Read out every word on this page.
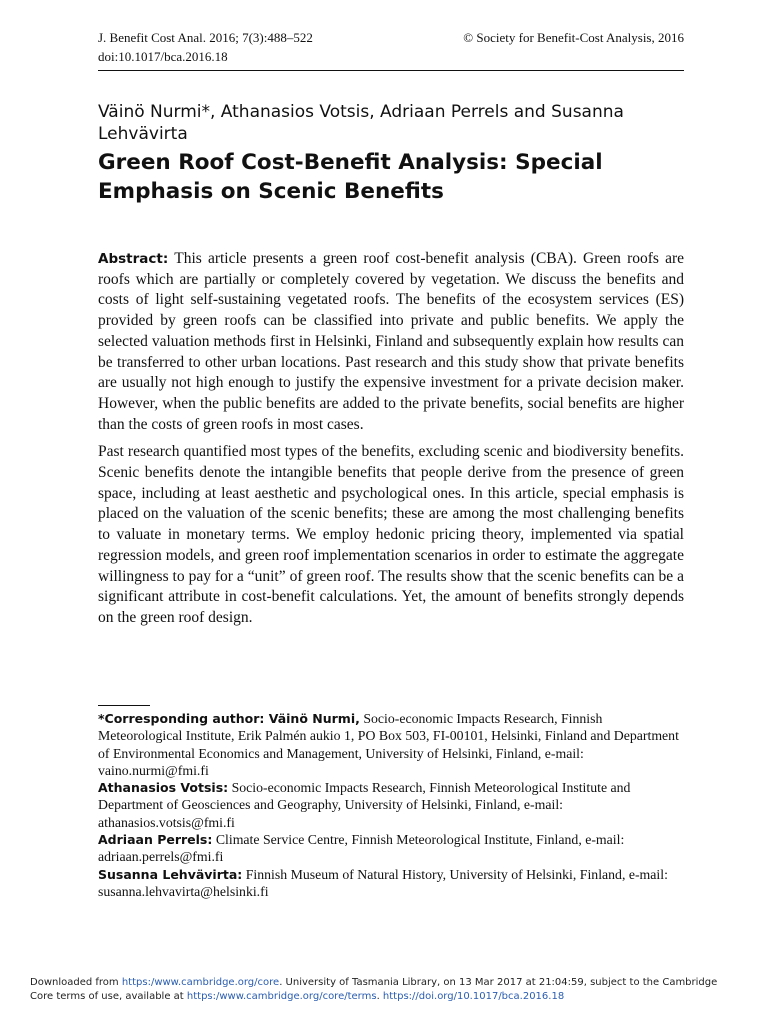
J. Benefit Cost Anal. 2016; 7(3):488–522	© Society for Benefit-Cost Analysis, 2016
doi:10.1017/bca.2016.18
Väinö Nurmi*, Athanasios Votsis, Adriaan Perrels and Susanna Lehvävirta
Green Roof Cost-Benefit Analysis: Special Emphasis on Scenic Benefits

Abstract: This article presents a green roof cost-benefit analysis (CBA). Green roofs are roofs which are partially or completely covered by vegetation. We discuss the benefits and costs of light self-sustaining vegetated roofs. The benefits of the ecosystem services (ES) provided by green roofs can be classified into private and public benefits. We apply the selected valuation methods first in Helsinki, Finland and subsequently explain how results can be transferred to other urban locations. Past research and this study show that private benefits are usually not high enough to justify the expensive investment for a private decision maker. However, when the public benefits are added to the private benefits, social benefits are higher than the costs of green roofs in most cases.

Past research quantified most types of the benefits, excluding scenic and biodiversity benefits. Scenic benefits denote the intangible benefits that people derive from the presence of green space, including at least aesthetic and psychological ones. In this article, special emphasis is placed on the valuation of the scenic benefits; these are among the most challenging benefits to valuate in monetary terms. We employ hedonic pricing theory, implemented via spatial regression models, and green roof implementation scenarios in order to estimate the aggregate willingness to pay for a “unit” of green roof. The results show that the scenic benefits can be a significant attribute in cost-benefit calculations. Yet, the amount of benefits strongly depends on the green roof design.

*Corresponding author: Väinö Nurmi, Socio-economic Impacts Research, Finnish Meteorological Institute, Erik Palmén aukio 1, PO Box 503, FI-00101, Helsinki, Finland and Department of Environmental Economics and Management, University of Helsinki, Finland, e-mail: vaino.nurmi@fmi.fi

Athanasios Votsis: Socio-economic Impacts Research, Finnish Meteorological Institute and Department of Geosciences and Geography, University of Helsinki, Finland, e-mail: athanasios.votsis@fmi.fi

Adriaan Perrels: Climate Service Centre, Finnish Meteorological Institute, Finland, e-mail: adriaan.perrels@fmi.fi

Susanna Lehvävirta: Finnish Museum of Natural History, University of Helsinki, Finland, e-mail: susanna.lehvavirta@helsinki.fi

Downloaded from https:/www.cambridge.org/core. University of Tasmania Library, on 13 Mar 2017 at 21:04:59, subject to the Cambridge Core terms of use, available at https:/www.cambridge.org/core/terms. https://doi.org/10.1017/bca.2016.18
